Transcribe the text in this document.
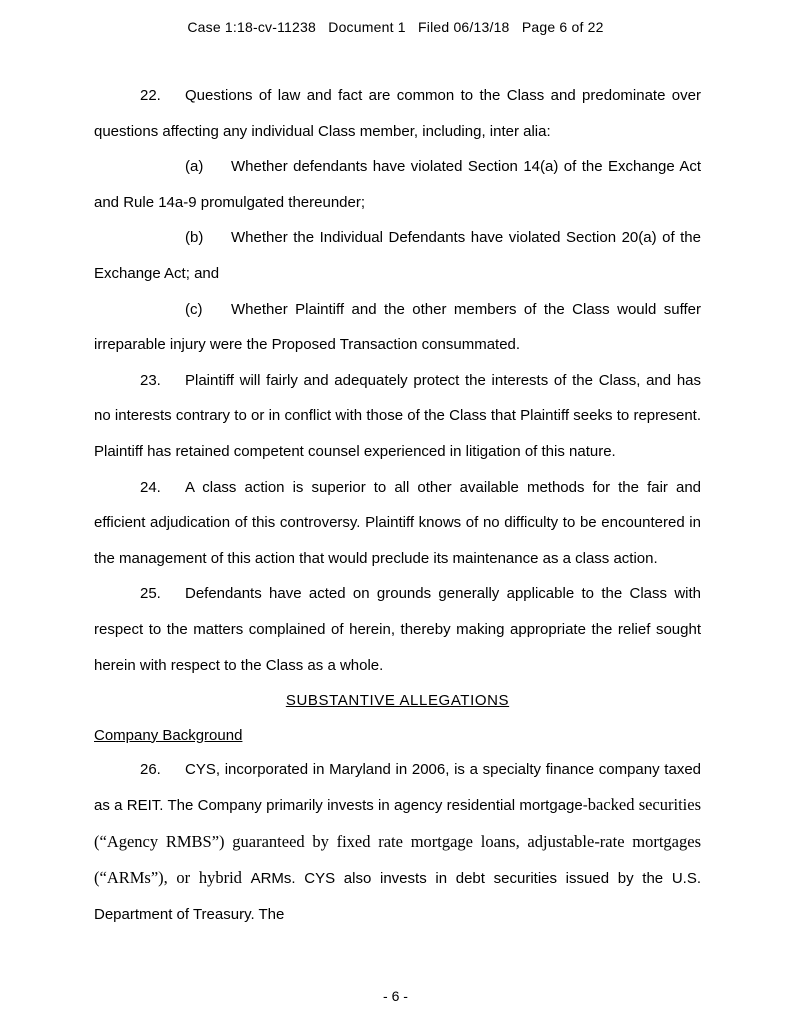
Case 1:18-cv-11238   Document 1   Filed 06/13/18   Page 6 of 22

22. Questions of law and fact are common to the Class and predominate over questions affecting any individual Class member, including, inter alia:

(a) Whether defendants have violated Section 14(a) of the Exchange Act and Rule 14a-9 promulgated thereunder;

(b) Whether the Individual Defendants have violated Section 20(a) of the Exchange Act; and

(c) Whether Plaintiff and the other members of the Class would suffer irreparable injury were the Proposed Transaction consummated.

23. Plaintiff will fairly and adequately protect the interests of the Class, and has no interests contrary to or in conflict with those of the Class that Plaintiff seeks to represent. Plaintiff has retained competent counsel experienced in litigation of this nature.

24. A class action is superior to all other available methods for the fair and efficient adjudication of this controversy. Plaintiff knows of no difficulty to be encountered in the management of this action that would preclude its maintenance as a class action.

25. Defendants have acted on grounds generally applicable to the Class with respect to the matters complained of herein, thereby making appropriate the relief sought herein with respect to the Class as a whole.

SUBSTANTIVE ALLEGATIONS
Company Background

26. CYS, incorporated in Maryland in 2006, is a specialty finance company taxed as a REIT. The Company primarily invests in agency residential mortgage-backed securities (“Agency RMBS”) guaranteed by fixed rate mortgage loans, adjustable-rate mortgages (“ARMs”), or hybrid ARMs. CYS also invests in debt securities issued by the U.S. Department of Treasury. The

- 6 -
